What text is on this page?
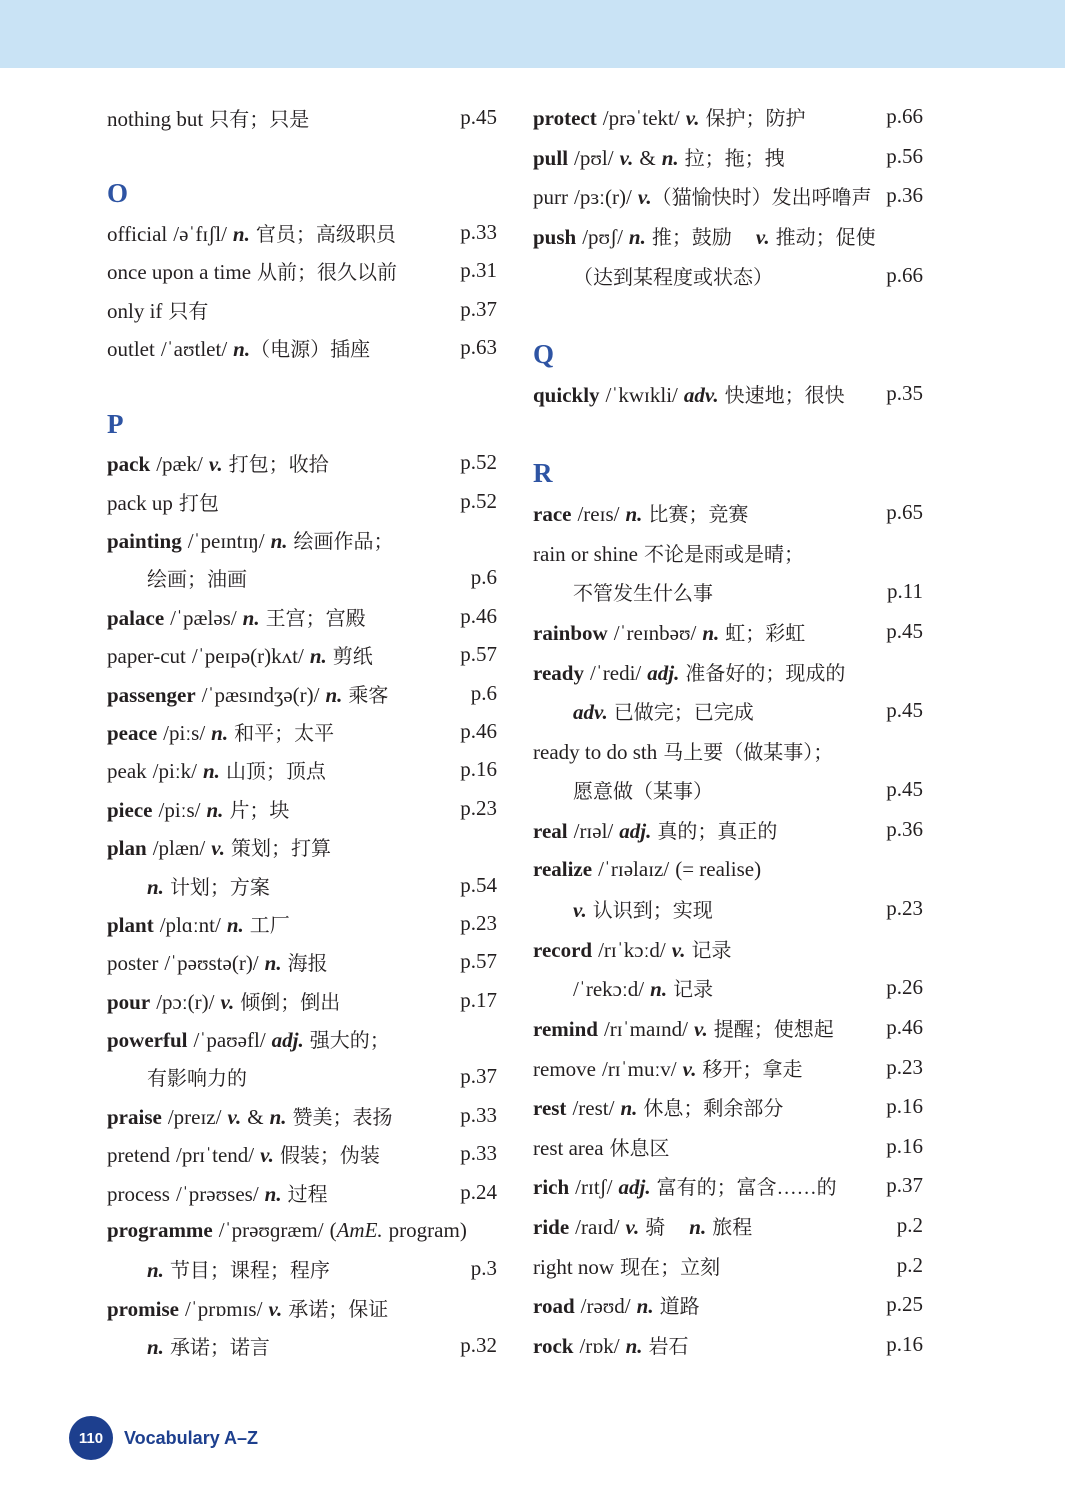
nothing but 只有；只是	p.45
O
official /əˈfɪʃl/ n. 官员；高级职员	p.33
once upon a time 从前；很久以前	p.31
only if 只有	p.37
outlet /ˈaʊtlet/ n. （电源）插座	p.63
P
pack /pæk/ v. 打包；收拾	p.52
pack up 打包	p.52
painting /ˈpeɪntɪŋ/ n. 绘画作品；
绘画；油画	p.6
palace /ˈpæləs/ n. 王宫；宫殿	p.46
paper-cut /ˈpeɪpə(r)kʌt/ n. 剪纸	p.57
passenger /ˈpæsɪndʒə(r)/ n. 乘客	p.6
peace /piːs/ n. 和平；太平	p.46
peak /piːk/ n. 山顶；顶点	p.16
piece /piːs/ n. 片；块	p.23
plan /plæn/ v. 策划；打算
n. 计划；方案	p.54
plant /plɑːnt/ n. 工厂	p.23
poster /ˈpəʊstə(r)/ n. 海报	p.57
pour /pɔː(r)/ v. 倾倒；倒出	p.17
powerful /ˈpaʊəfl/ adj. 强大的；
有影响力的	p.37
praise /preɪz/ v. & n. 赞美；表扬	p.33
pretend /prɪˈtend/ v. 假装；伪装	p.33
process /ˈprəʊses/ n. 过程	p.24
programme /ˈprəʊɡræm/ ( AmE. program)
n. 节目；课程；程序	p.3
promise /ˈprɒmɪs/ v. 承诺；保证
n. 承诺；诺言	p.32
protect /prəˈtekt/ v. 保护；防护	p.66
pull /pʊl/ v. & n. 拉；拖；拽	p.56
purr /pɜː(r)/ v. （猫愉快时）发出呼噜声 p.36
push /pʊʃ/ n. 推；鼓励 v. 推动；促使
（达到某程度或状态）	p.66
Q
quickly /ˈkwɪkli/ adv. 快速地；很快 p.35
R
race /reɪs/ n. 比赛；竞赛	p.65
rain or shine 不论是雨或是晴；
不管发生什么事	p.11
rainbow /ˈreɪnbəʊ/ n. 虹；彩虹	p.45
ready /ˈredi/ adj. 准备好的；现成的
adv. 已做完；已完成	p.45
ready to do sth 马上要（做某事）；
愿意做（某事）	p.45
real /rɪəl/ adj. 真的；真正的	p.36
realize /ˈrɪəlaɪz/ (= realise)
v. 认识到；实现	p.23
record /rɪˈkɔːd/ v. 记录
/ˈrekɔːd/ n. 记录	p.26
remind /rɪˈmaɪnd/ v. 提醒；使想起	p.46
remove /rɪˈmuːv/ v. 移开；拿走	p.23
rest /rest/ n. 休息；剩余部分	p.16
rest area 休息区	p.16
rich /rɪtʃ/ adj. 富有的；富含……的 p.37
ride /raɪd/ v. 骑 n. 旅程	p.2
right now 现在；立刻	p.2
road /rəʊd/ n. 道路	p.25
rock /rɒk/ n. 岩石	p.16
110 Vocabulary A–Z
